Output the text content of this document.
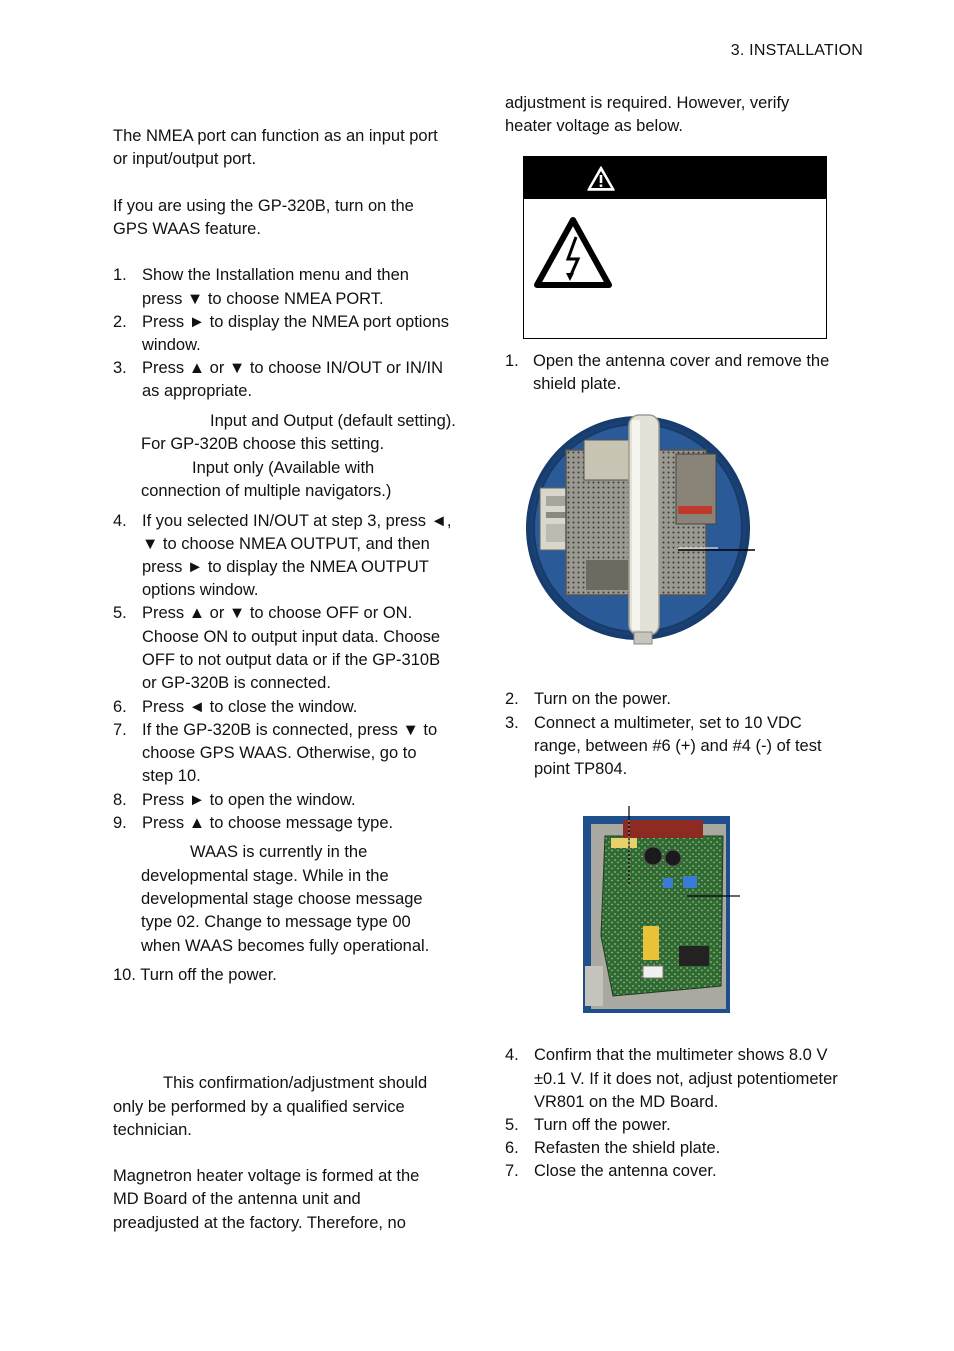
3. INSTALLATION
The NMEA port can function as an input port
or input/output port.
If you are using the GP-320B, turn on the
GPS WAAS feature.
1. Show the Installation menu and then
press ▼ to choose NMEA PORT.
2. Press ► to display the NMEA port options
window.
3. Press ▲ or ▼ to choose IN/OUT or IN/IN
as appropriate.
Input and Output (default setting).
For GP-320B choose this setting.
Input only (Available with
connection of multiple navigators.)
4. If you selected IN/OUT at step 3, press ◄,
▼ to choose NMEA OUTPUT, and then
press ► to display the NMEA OUTPUT
options window.
5. Press ▲ or ▼ to choose OFF or ON.
Choose ON to output input data. Choose
OFF to not output data or if the GP-310B
or GP-320B is connected.
6. Press ◄ to close the window.
7. If the GP-320B is connected, press ▼ to
choose GPS WAAS. Otherwise, go to
step 10.
8. Press ► to open the window.
9. Press ▲ to choose message type.
WAAS is currently in the
developmental stage. While in the
developmental stage choose message
type 02. Change to message type 00
when WAAS becomes fully operational.
10. Turn off the power.
This confirmation/adjustment should
only be performed by a qualified service
technician.
Magnetron heater voltage is formed at the
MD Board of the antenna unit and
preadjusted at the factory. Therefore, no
adjustment is required. However, verify
heater voltage as below.
1. Open the antenna cover and remove the
shield plate.
2. Turn on the power.
3. Connect a multimeter, set to 10 VDC
range, between #6 (+) and #4 (-) of test
point TP804.
4. Confirm that the multimeter shows 8.0 V
±0.1 V. If it does not, adjust potentiometer
VR801 on the MD Board.
5. Turn off the power.
6. Refasten the shield plate.
7. Close the antenna cover.
